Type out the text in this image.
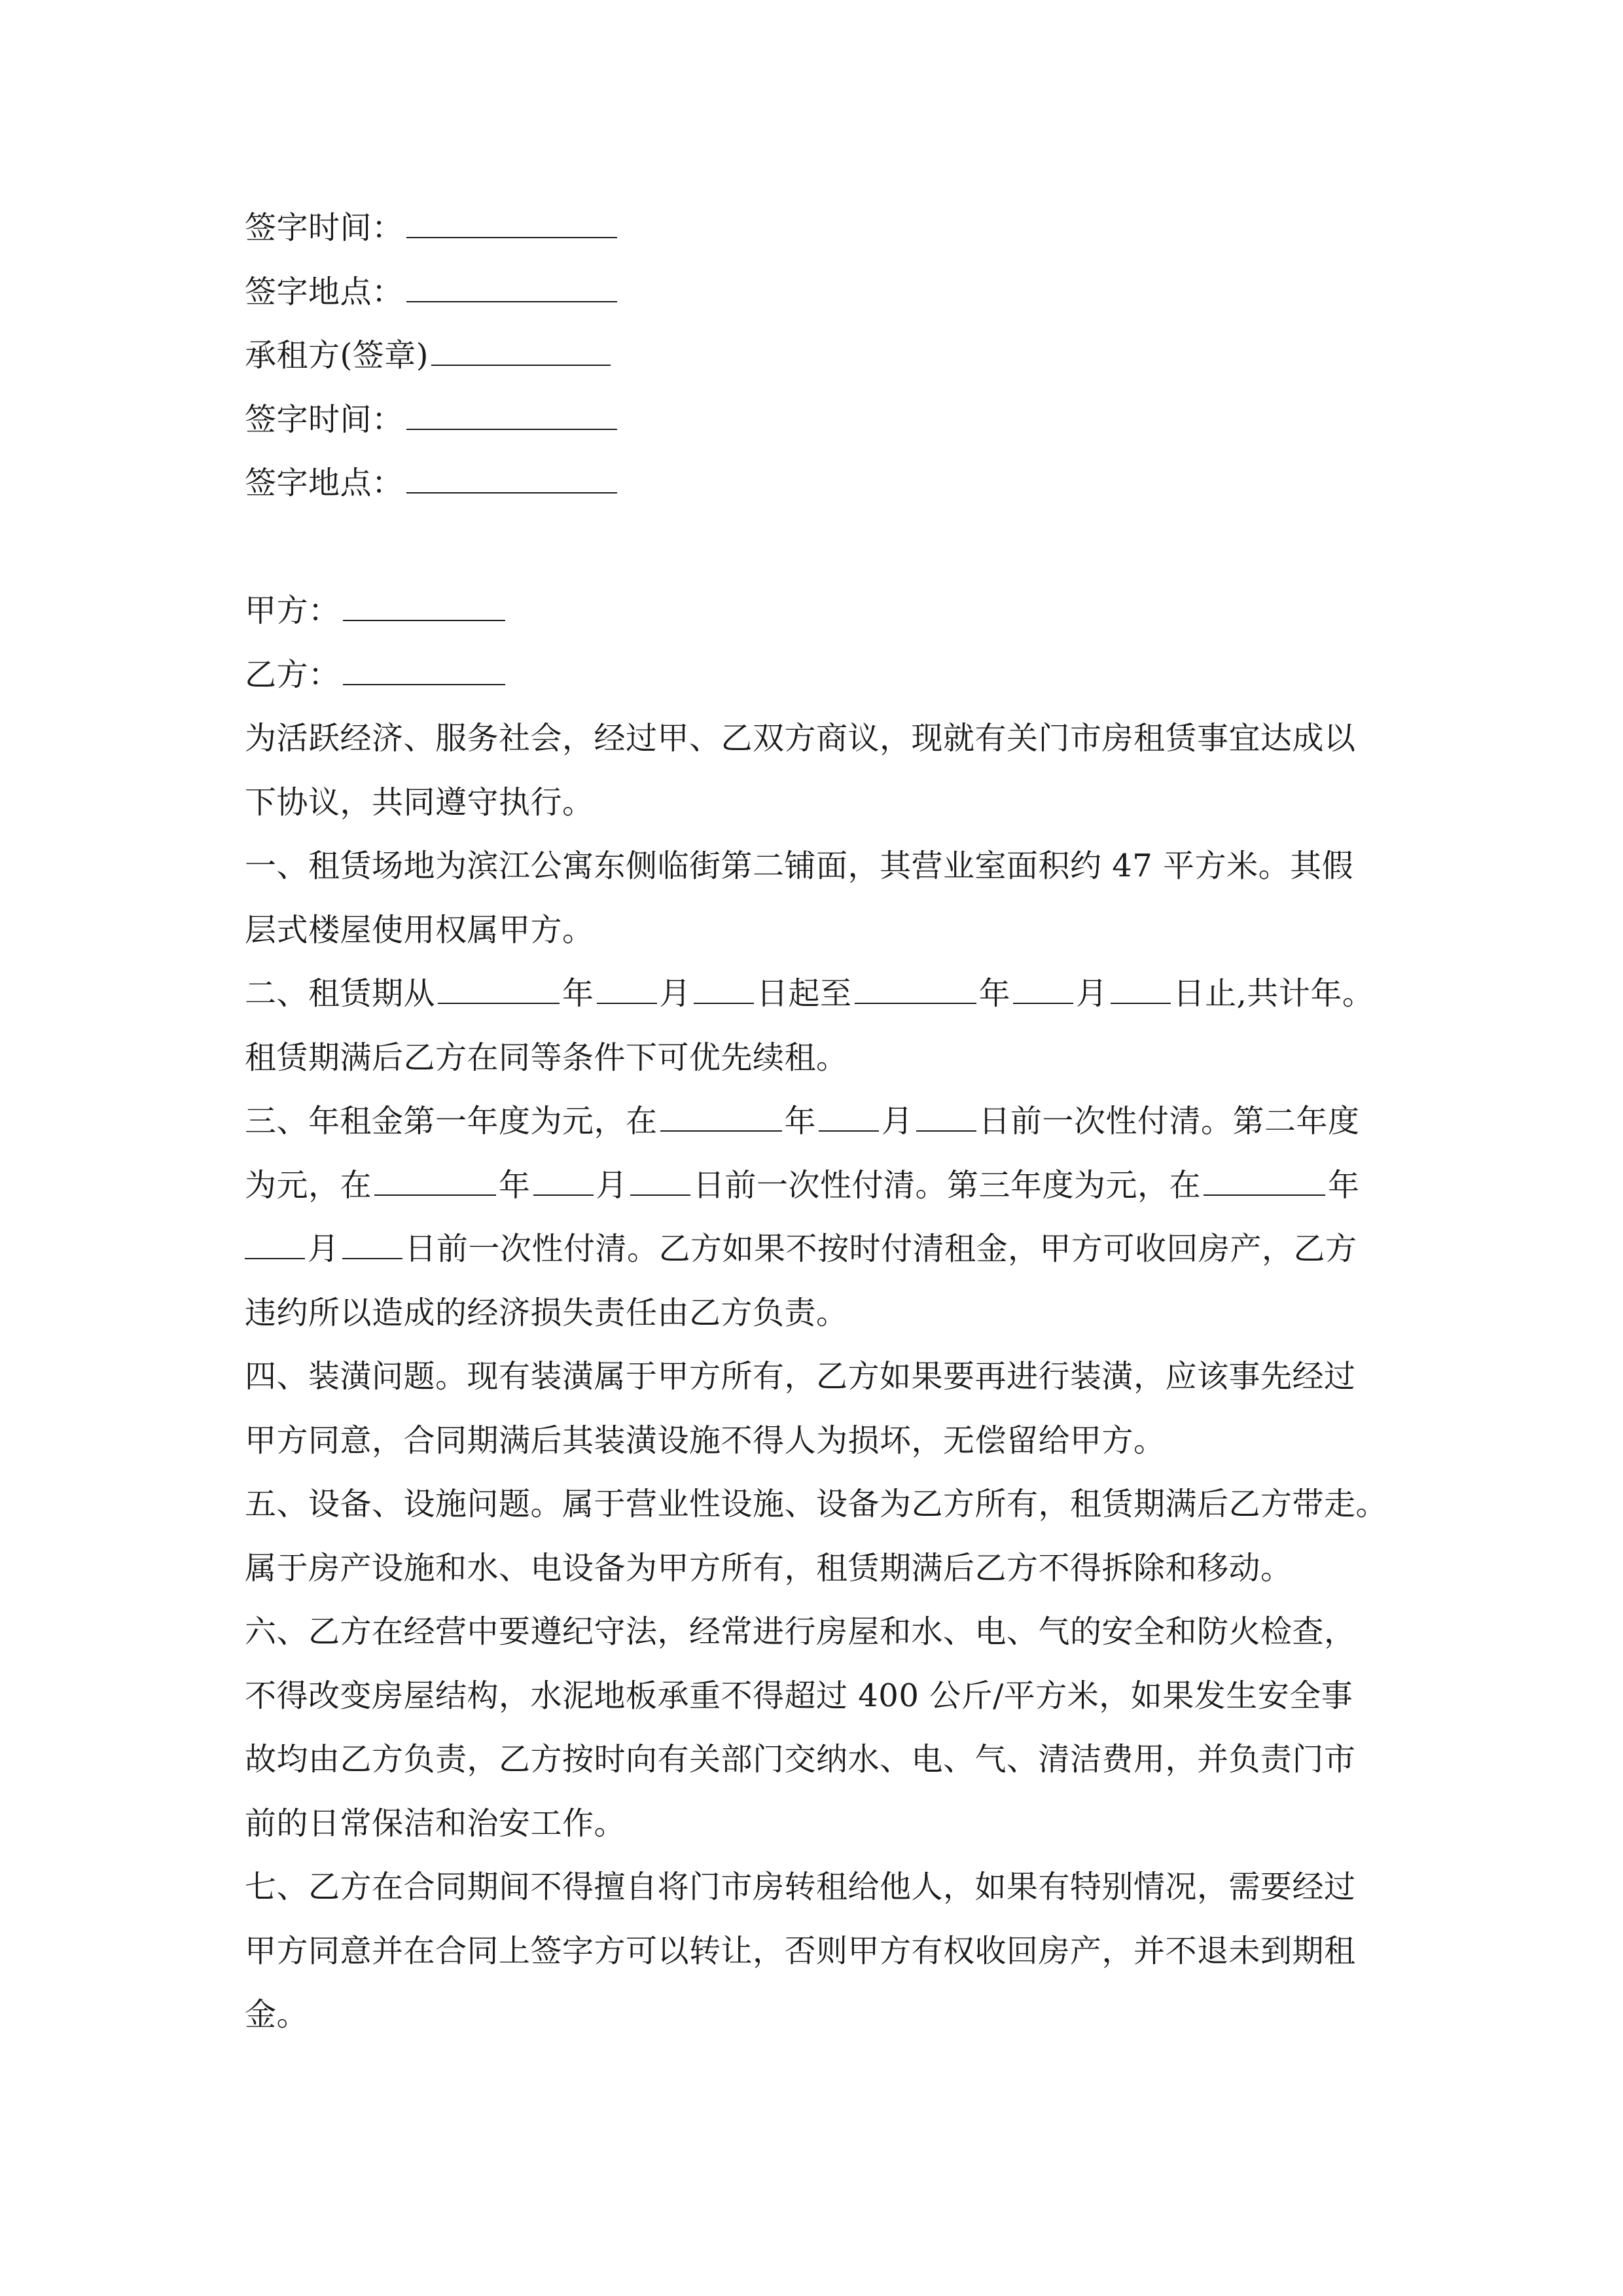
签字时间：
签字地点：
承租方(签章)
签字时间：
签字地点：
甲方：
乙方：
为活跃经济、服务社会，经过甲、乙双方商议，现就有关门市房租赁事宜达成以
下协议，共同遵守执行。
一、租赁场地为滨江公寓东侧临街第二铺面，其营业室面积约 47 平方米。其假
层式楼屋使用权属甲方。
二、租赁期从	年 月 日起至	年 月 日止,共计年。
租赁期满后乙方在同等条件下可优先续租。
三、年租金第一年度为元，在	年 月 日前一次性付清。第二年度
为元，在	年 月 日前一次性付清。第三年度为元，在	年
月 日前一次性付清。乙方如果不按时付清租金，甲方可收回房产，乙方
违约所以造成的经济损失责任由乙方负责。
四、装潢问题。现有装潢属于甲方所有，乙方如果要再进行装潢，应该事先经过
甲方同意，合同期满后其装潢设施不得人为损坏，无偿留给甲方。
五、设备、设施问题。属于营业性设施、设备为乙方所有，租赁期满后乙方带走。
属于房产设施和水、电设备为甲方所有，租赁期满后乙方不得拆除和移动。
六、乙方在经营中要遵纪守法，经常进行房屋和水、电、气的安全和防火检查，
不得改变房屋结构，水泥地板承重不得超过 400 公斤/平方米，如果发生安全事
故均由乙方负责，乙方按时向有关部门交纳水、电、气、清洁费用，并负责门市
前的日常保洁和治安工作。
七、乙方在合同期间不得擅自将门市房转租给他人，如果有特别情况，需要经过
甲方同意并在合同上签字方可以转让，否则甲方有权收回房产，并不退未到期租
金。
